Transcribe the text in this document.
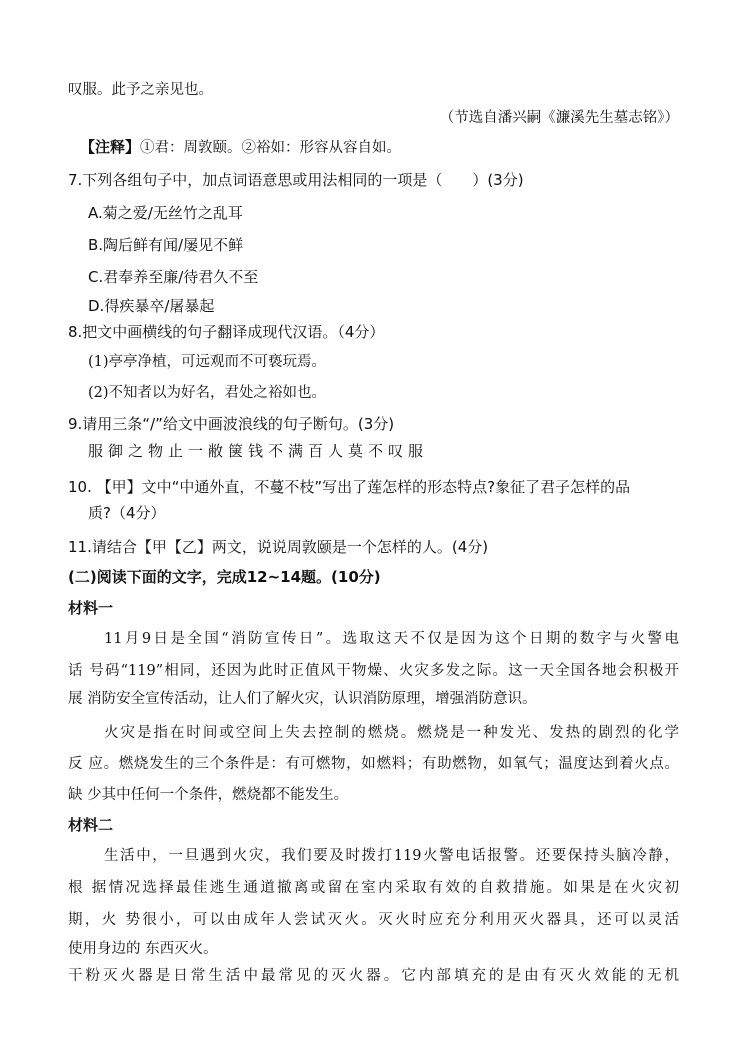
叹服。此予之亲见也。
（节选自潘兴嗣《濂溪先生墓志铭》）
【注释】①君：周敦颐。②裕如：形容从容自如。
7.下列各组句子中，加点词语意思或用法相同的一项是（　　）(3分)
A.菊之爱/无丝竹之乱耳
B.陶后鲜有闻/屡见不鲜
C.君奉养至廉/待君久不至
D.得疾暴卒/屠暴起
8.把文中画横线的句子翻译成现代汉语。（4分）
(1)亭亭净植，可远观而不可亵玩焉。
(2)不知者以为好名，君处之裕如也。
9.请用三条“/”给文中画波浪线的句子断句。(3分)
服御之物止一敝箧钱不满百人莫不叹服
10. 【甲】文中“中通外直，不蔓不枝”写出了莲怎样的形态特点?象征了君子怎样的品
质?（4分）
11.请结合【甲【乙】两文，说说周敦颐是一个怎样的人。(4分)
(二)阅读下面的文字，完成12~14题。(10分)
材料一
11月9日是全国“消防宣传日”。选取这天不仅是因为这个日期的数字与火警电
话 号码“119”相同，还因为此时正值风干物燥、火灾多发之际。这一天全国各地会积极开
展 消防安全宣传活动，让人们了解火灾，认识消防原理，增强消防意识。
火灾是指在时间或空间上失去控制的燃烧。燃烧是一种发光、发热的剧烈的化学
反 应。燃烧发生的三个条件是：有可燃物，如燃料；有助燃物，如氧气；温度达到着火点。
缺 少其中任何一个条件，燃烧都不能发生。
材料二
生活中，一旦遇到火灾，我们要及时拨打119火警电话报警。还要保持头脑冷静，
根 据情况选择最佳逃生通道撤离或留在室内采取有效的自救措施。如果是在火灾初
期，火 势很小，可以由成年人尝试灭火。灭火时应充分利用灭火器具，还可以灵活
使用身边的 东西灭火。
干粉灭火器是日常生活中最常见的灭火器。它内部填充的是由有灭火效能的无机
